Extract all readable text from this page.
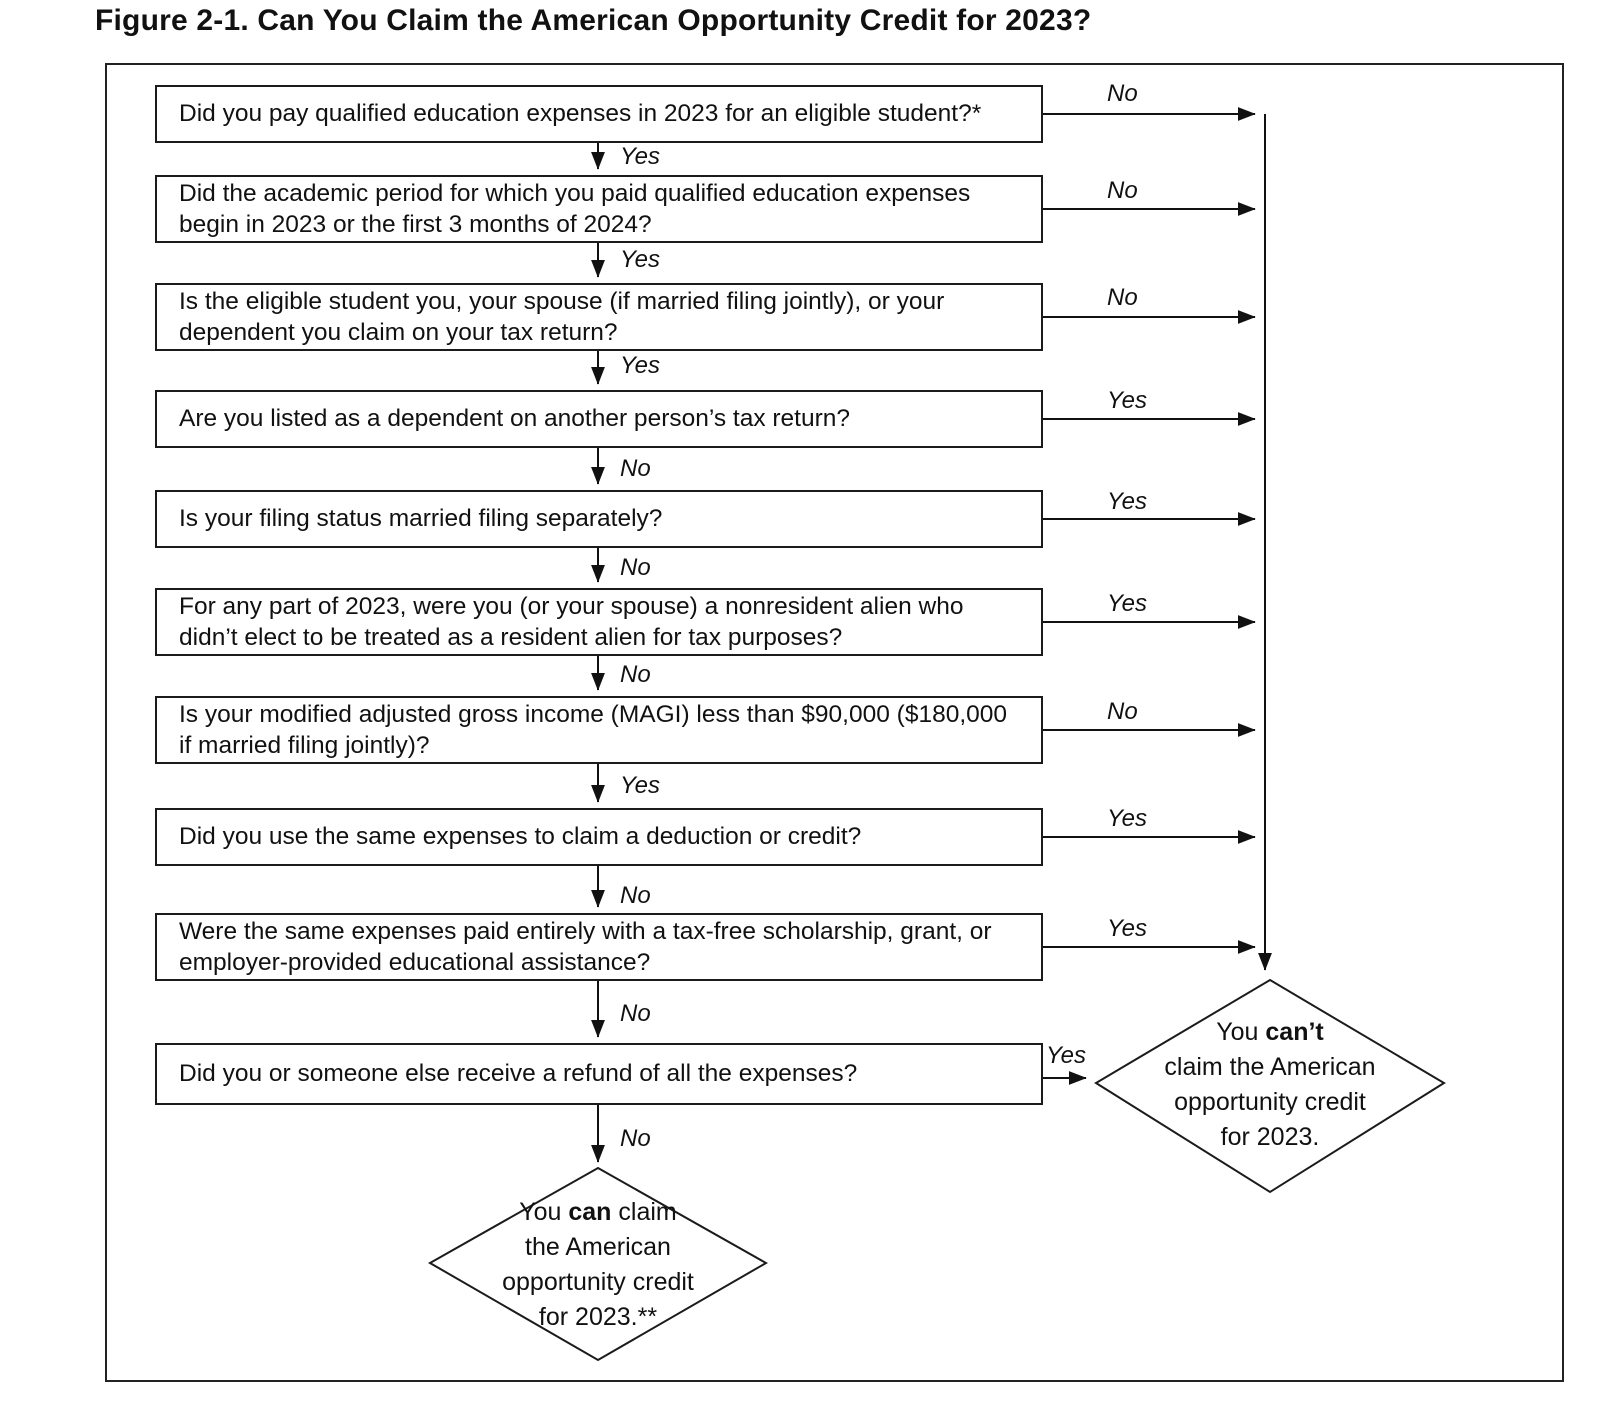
Figure 2-1. Can You Claim the American Opportunity Credit for 2023?
Did you pay qualified education expenses in 2023 for an eligible student?*
Did the academic period for which you paid qualified education expenses begin in 2023 or the first 3 months of 2024?
Is the eligible student you, your spouse (if married filing jointly), or your dependent you claim on your tax return?
Are you listed as a dependent on another person’s tax return?
Is your filing status married filing separately?
For any part of 2023, were you (or your spouse) a nonresident alien who didn’t elect to be treated as a resident alien for tax purposes?
Is your modified adjusted gross income (MAGI) less than $90,000 ($180,000 if married filing jointly)?
Did you use the same expenses to claim a deduction or credit?
Were the same expenses paid entirely with a tax-free scholarship, grant, or employer-provided educational assistance?
Did you or someone else receive a refund of all the expenses?
Yes
Yes
Yes
No
No
No
Yes
No
No
No
No
No
No
Yes
Yes
Yes
No
Yes
Yes
Yes
You can’t
claim the American
opportunity credit
for 2023.
You can claim
the American
opportunity credit
for 2023.**
